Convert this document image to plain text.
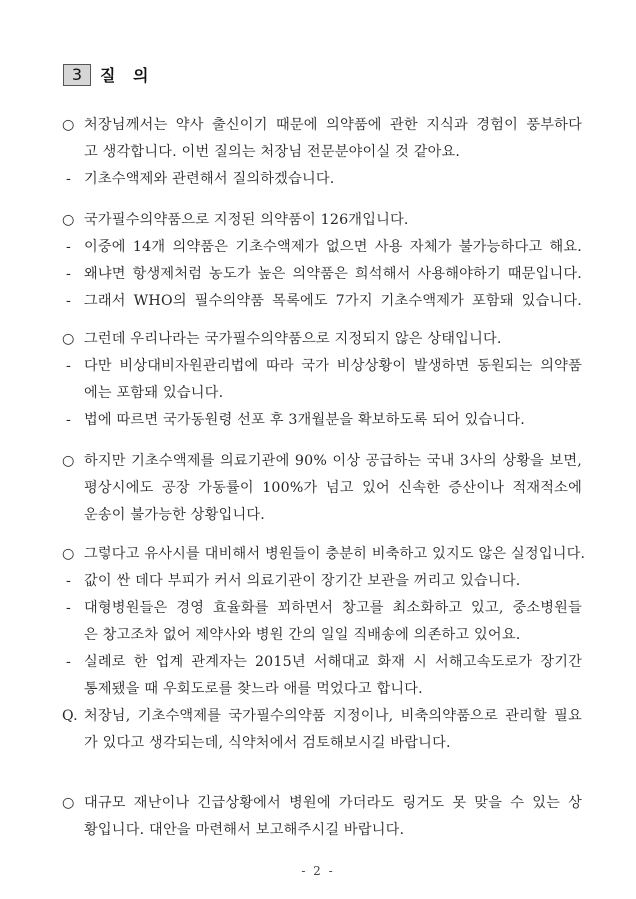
3	질 의
○ 처장님께서는 약사 출신이기 때문에 의약품에 관한 지식과 경험이 풍부하다
고 생각합니다. 이번 질의는 처장님 전문분야이실 것 같아요.
- 기초수액제와 관련해서 질의하겠습니다.
○ 국가필수의약품으로 지정된 의약품이 126개입니다.
- 이중에 14개 의약품은 기초수액제가 없으면 사용 자체가 불가능하다고 해요.
- 왜냐면 항생제처럼 농도가 높은 의약품은 희석해서 사용해야하기 때문입니다.
- 그래서 WHO의 필수의약품 목록에도 7가지 기초수액제가 포함돼 있습니다.
○ 그런데 우리나라는 국가필수의약품으로 지정되지 않은 상태입니다.
- 다만 비상대비자원관리법에 따라 국가 비상상황이 발생하면 동원되는 의약품
에는 포함돼 있습니다.
- 법에 따르면 국가동원령 선포 후 3개월분을 확보하도록 되어 있습니다.
○ 하지만 기초수액제를 의료기관에 90% 이상 공급하는 국내 3사의 상황을 보면,
평상시에도 공장 가동률이 100%가 넘고 있어 신속한 증산이나 적재적소에
운송이 불가능한 상황입니다.
○ 그렇다고 유사시를 대비해서 병원들이 충분히 비축하고 있지도 않은 실정입니다.
- 값이 싼 데다 부피가 커서 의료기관이 장기간 보관을 꺼리고 있습니다.
- 대형병원들은 경영 효율화를 꾀하면서 창고를 최소화하고 있고, 중소병원들
은 창고조차 없어 제약사와 병원 간의 일일 직배송에 의존하고 있어요.
- 실례로 한 업계 관계자는 2015년 서해대교 화재 시 서해고속도로가 장기간
통제됐을 때 우회도로를 찾느라 애를 먹었다고 합니다.
Q. 처장님, 기초수액제를 국가필수의약품 지정이나, 비축의약품으로 관리할 필요
가 있다고 생각되는데, 식약처에서 검토해보시길 바랍니다.
○ 대규모 재난이나 긴급상황에서 병원에 가더라도 링거도 못 맞을 수 있는 상
황입니다. 대안을 마련해서 보고해주시길 바랍니다.
- 2 -
